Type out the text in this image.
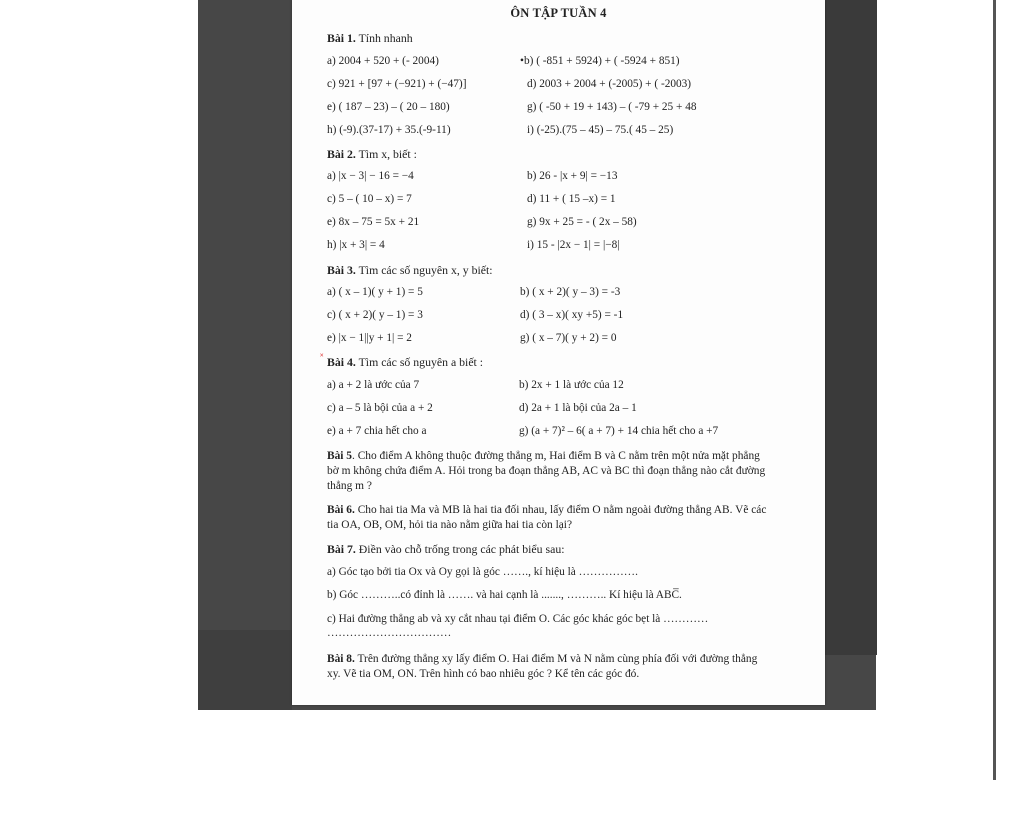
ÔN TẬP TUẦN 4
Bài 1. Tính nhanh
a) 2004 + 520 + (- 2004)	•b) ( -851 + 5924) + ( -5924 + 851)
c) 921 + [97 + (−921) + (−47)]	d) 2003 + 2004 + (-2005) + ( -2003)
e) ( 187 – 23) – ( 20 – 180)	g) ( -50 + 19 + 143) – ( -79 + 25 + 48
h) (-9).(37-17) + 35.(-9-11)	i) (-25).(75 – 45) – 75.( 45 – 25)
Bài 2. Tìm x, biết :
a) |x − 3| − 16 = −4	b) 26 - |x + 9| = −13
c) 5 – ( 10 – x) = 7	d) 11 + ( 15 –x) = 1
e) 8x – 75 = 5x + 21	g) 9x + 25 = - ( 2x – 58)
h) |x + 3| = 4	i) 15 - |2x − 1| = |−8|
Bài 3. Tìm các số nguyên x, y biết:
a) ( x – 1)( y + 1) = 5	b) ( x + 2)( y – 3) = -3
c) ( x + 2)( y – 1) = 3	d) ( 3 – x)( xy +5) = -1
e) |x − 1||y + 1| = 2	g) ( x – 7)( y + 2) = 0
˟ Bài 4. Tìm các số nguyên a biết :
a) a + 2 là ước của 7	b) 2x + 1 là ước của 12
c) a – 5 là bội của a + 2	d) 2a + 1 là bội của 2a – 1
e) a + 7 chia hết cho a	g) (a + 7)² – 6( a + 7) + 14 chia hết cho a +7
Bài 5. Cho điểm A không thuộc đường thẳng m, Hai điểm B và C nằm trên một nửa mặt phẳng bờ m không chứa điểm A. Hỏi trong ba đoạn thẳng AB, AC và BC thì đoạn thẳng nào cắt đường thẳng m ?
Bài 6. Cho hai tia Ma và MB là hai tia đối nhau, lấy điểm O nằm ngoài đường thẳng AB. Vẽ các tia OA, OB, OM, hỏi tia nào nằm giữa hai tia còn lại?
Bài 7. Điền vào chỗ trống trong các phát biểu sau:
a) Góc tạo bởi tia Ox và Oy gọi là góc ……., kí hiệu là …………….
b) Góc ………..có đỉnh là ……. và hai cạnh là ......., ……….. Kí hiệu là ABC̅.
c) Hai đường thẳng ab và xy cắt nhau tại điểm O. Các góc khác góc bẹt là …………
……………………………
Bài 8. Trên đường thẳng xy lấy điểm O. Hai điểm M và N nằm cùng phía đối với đường thẳng xy. Vẽ tia OM, ON. Trên hình có bao nhiêu góc ? Kể tên các góc đó.
